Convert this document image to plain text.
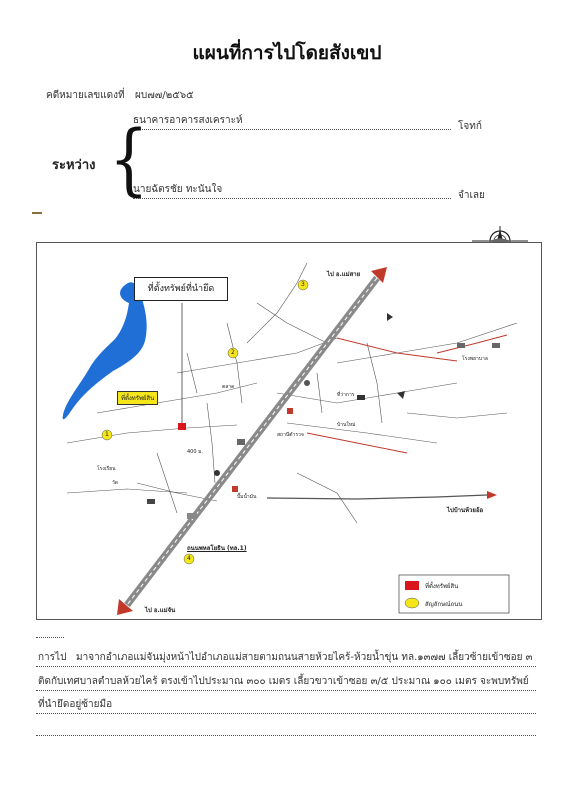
แผนที่การไปโดยสังเขป
คดีหมายเลขแดงที่ ผบ๗๗/๒๕๖๕
ธนาคารอาคารสงเคราะห์
โจทก์
ระหว่าง {
นายฉัตรชัย ทะนันใจ
จำเลย
ที่ตั้งทรัพย์ที่นำยึด
ที่ตั้งทรัพย์สิน
ไป อ.แม่สาย
ไป อ.แม่จัน
ไปบ้านห้วยอ้อ
ถนนพหลโยธิน (ทล.1)
400 ม.
โรงเรียน
วัด
ตลาด
ที่ว่าการ
บ้านใหม่
ปั๊มน้ำมัน
สถานีตำรวจ
โรงพยาบาล
1
2
3
4
ที่ตั้งทรัพย์สิน
สัญลักษณ์ถนน
การไป มาจากอำเภอแม่จันมุ่งหน้าไปอำเภอแม่สายตามถนนสายห้วยไคร้-ห้วยน้ำขุ่น ทล.๑๓๗๗ เลี้ยวซ้ายเข้าซอย ๓
ติดกับเทศบาลตำบลห้วยไคร้ ตรงเข้าไปประมาณ ๓๐๐ เมตร เลี้ยวขวาเข้าซอย ๓/๕ ประมาณ ๑๐๐ เมตร จะพบทรัพย์
ที่นำยึดอยู่ซ้ายมือ
